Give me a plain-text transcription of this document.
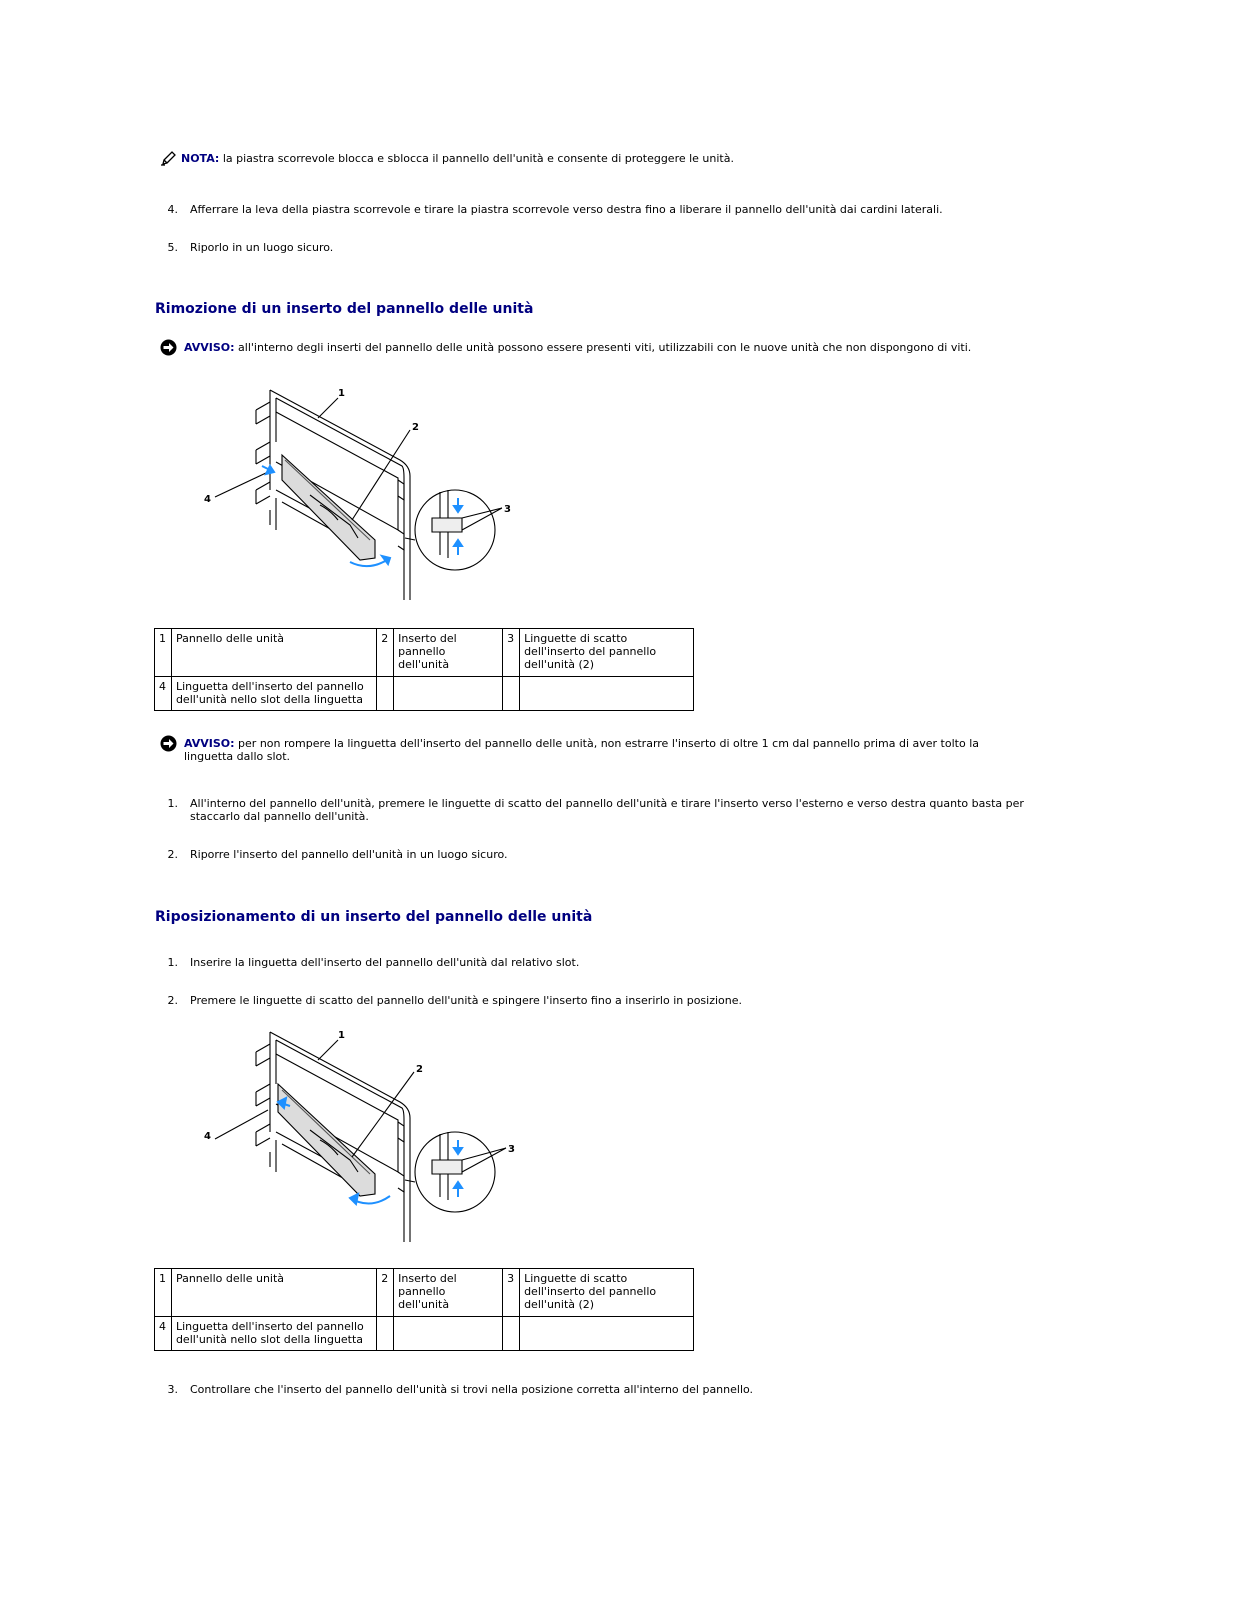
NOTA: la piastra scorrevole blocca e sblocca il pannello dell'unità e consente di proteggere le unità.
4. Afferrare la leva della piastra scorrevole e tirare la piastra scorrevole verso destra fino a liberare il pannello dell'unità dai cardini laterali.
5. Riporlo in un luogo sicuro.
Rimozione di un inserto del pannello delle unità
AVVISO: all'interno degli inserti del pannello delle unità possono essere presenti viti, utilizzabili con le nuove unità che non dispongono di viti.
1
2
3
4
1	Pannello delle unità	2	Inserto del pannello dell'unità	3	Linguette di scatto dell'inserto del pannello dell'unità (2)
4	Linguetta dell'inserto del pannello dell'unità nello slot della linguetta				
AVVISO: per non rompere la linguetta dell'inserto del pannello delle unità, non estrarre l'inserto di oltre 1 cm dal pannello prima di aver tolto la linguetta dallo slot.
1. All'interno del pannello dell'unità, premere le linguette di scatto del pannello dell'unità e tirare l'inserto verso l'esterno e verso destra quanto basta per staccarlo dal pannello dell'unità.
2. Riporre l'inserto del pannello dell'unità in un luogo sicuro.
Riposizionamento di un inserto del pannello delle unità
1. Inserire la linguetta dell'inserto del pannello dell'unità dal relativo slot.
2. Premere le linguette di scatto del pannello dell'unità e spingere l'inserto fino a inserirlo in posizione.
1
2
3
4
1	Pannello delle unità	2	Inserto del pannello dell'unità	3	Linguette di scatto dell'inserto del pannello dell'unità (2)
4	Linguetta dell'inserto del pannello dell'unità nello slot della linguetta				
3. Controllare che l'inserto del pannello dell'unità si trovi nella posizione corretta all'interno del pannello.
